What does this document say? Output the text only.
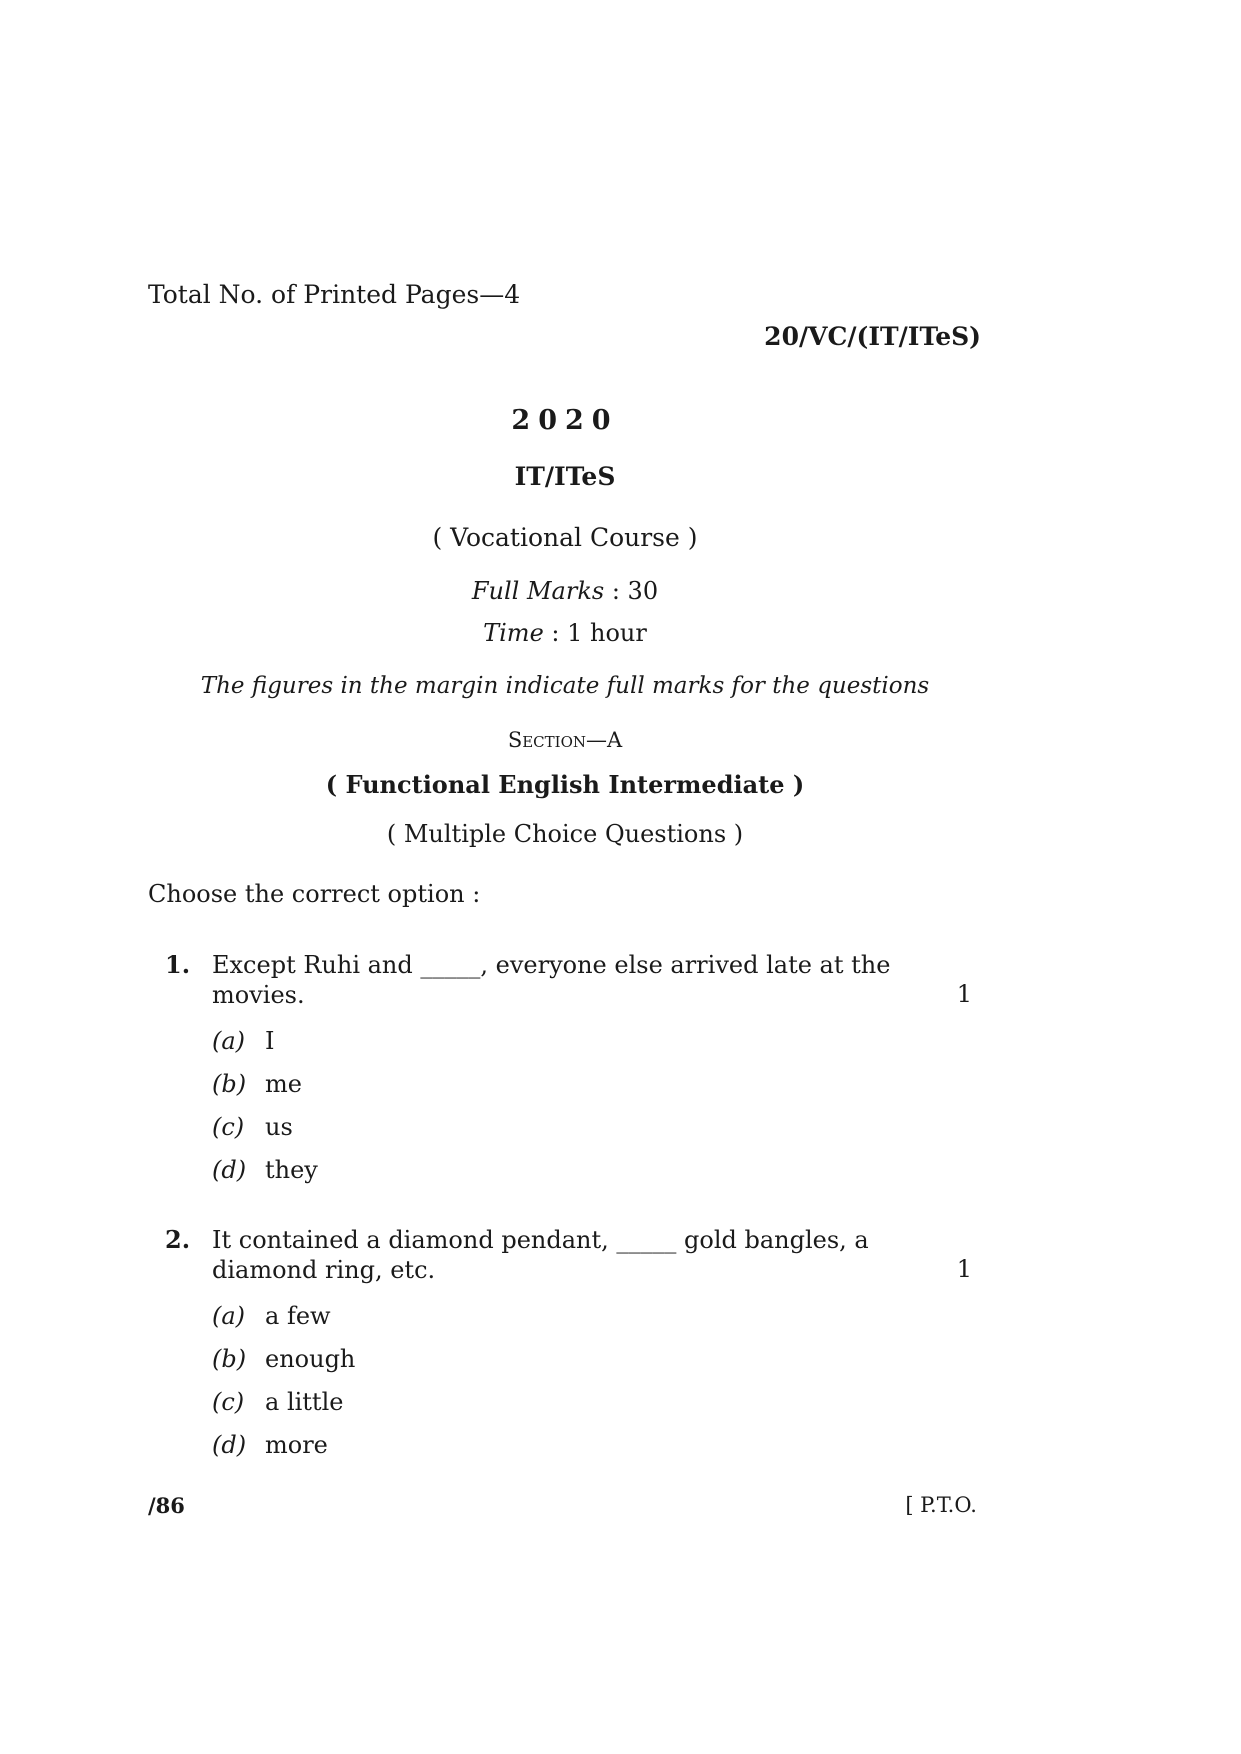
Total No. of Printed Pages—4
20/VC/(IT/ITeS)
2020
IT/ITeS
( Vocational Course )
Full Marks : 30
Time : 1 hour
The figures in the margin indicate full marks for the questions
Section—A
( Functional English Intermediate )
( Multiple Choice Questions )
Choose the correct option :
1. Except Ruhi and _____, everyone else arrived late at the movies.	1
(a) I
(b) me
(c) us
(d) they
2. It contained a diamond pendant, _____ gold bangles, a diamond ring, etc.	1
(a) a few
(b) enough
(c) a little
(d) more
/86	[ P.T.O.
